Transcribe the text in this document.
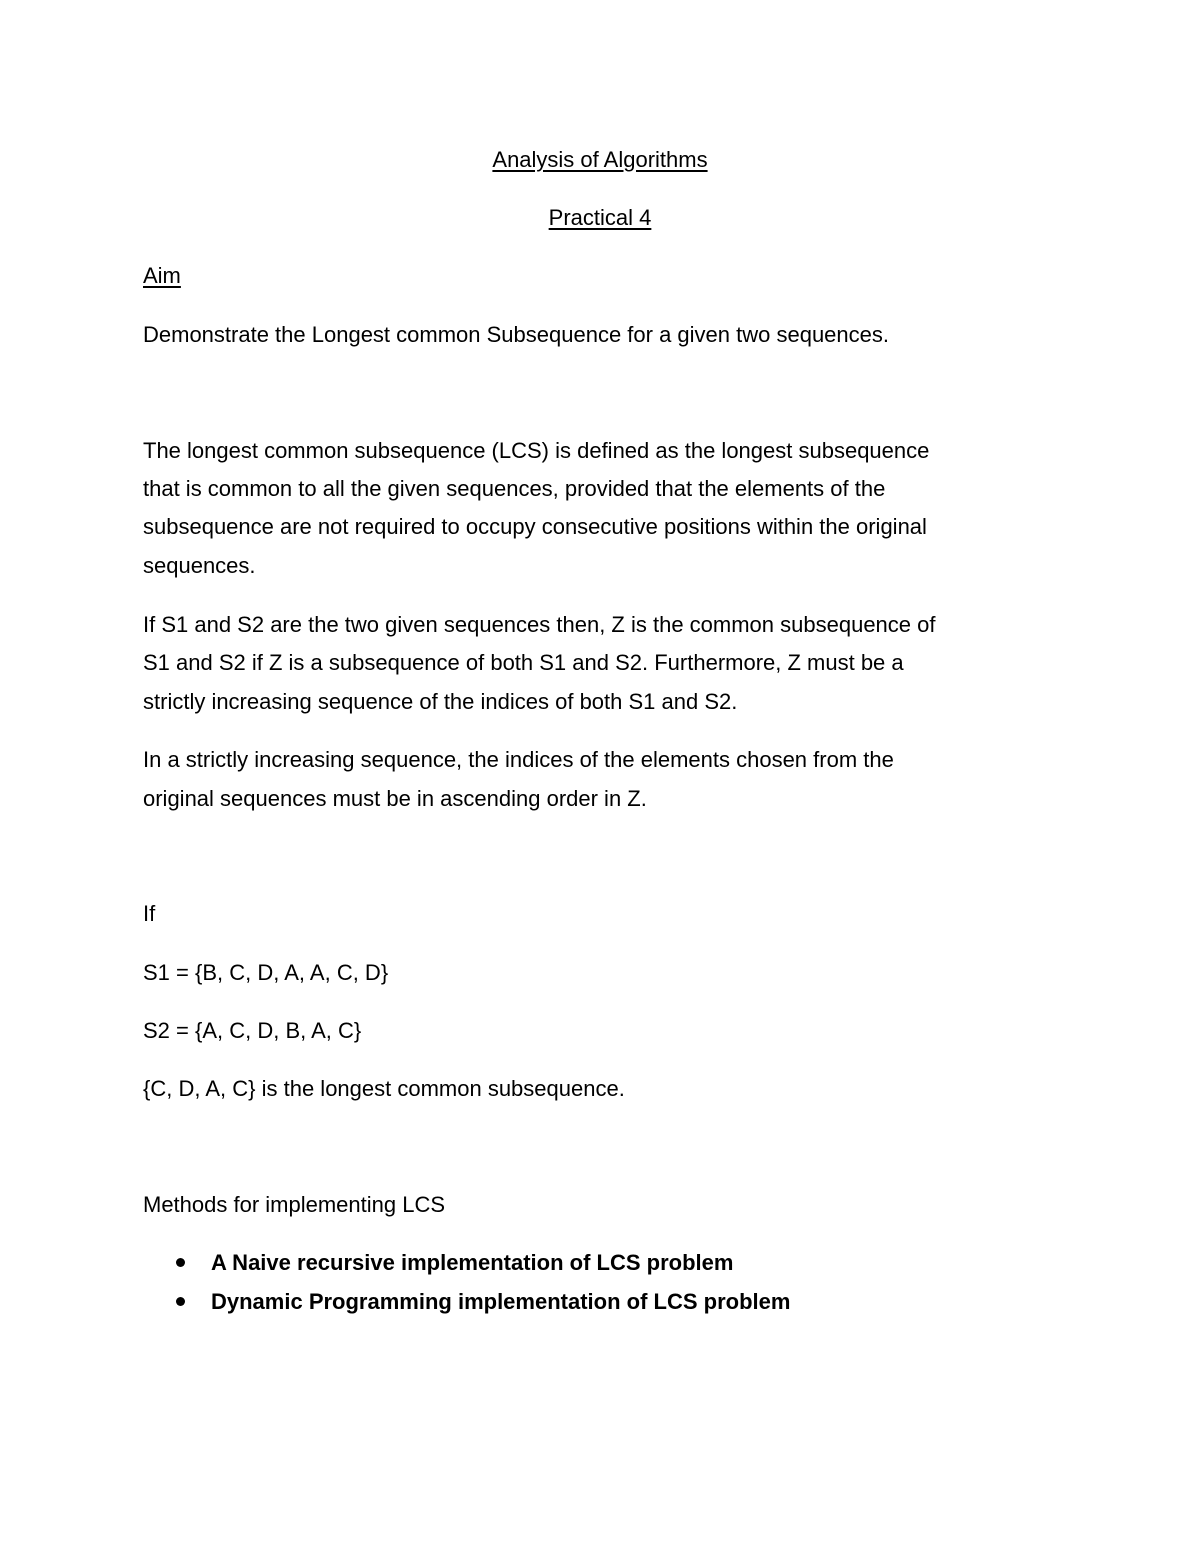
Analysis of Algorithms
Practical 4
Aim
Demonstrate the Longest common Subsequence for a given two sequences.
The longest common subsequence (LCS) is defined as the longest subsequence
that is common to all the given sequences, provided that the elements of the
subsequence are not required to occupy consecutive positions within the original
sequences.
If S1 and S2 are the two given sequences then, Z is the common subsequence of
S1 and S2 if Z is a subsequence of both S1 and S2. Furthermore, Z must be a
strictly increasing sequence of the indices of both S1 and S2.
In a strictly increasing sequence, the indices of the elements chosen from the
original sequences must be in ascending order in Z.
If
S1 = {B, C, D, A, A, C, D}
S2 = {A, C, D, B, A, C}
{C, D, A, C} is the longest common subsequence.
Methods for implementing LCS
A Naive recursive implementation of LCS problem
Dynamic Programming implementation of LCS problem
